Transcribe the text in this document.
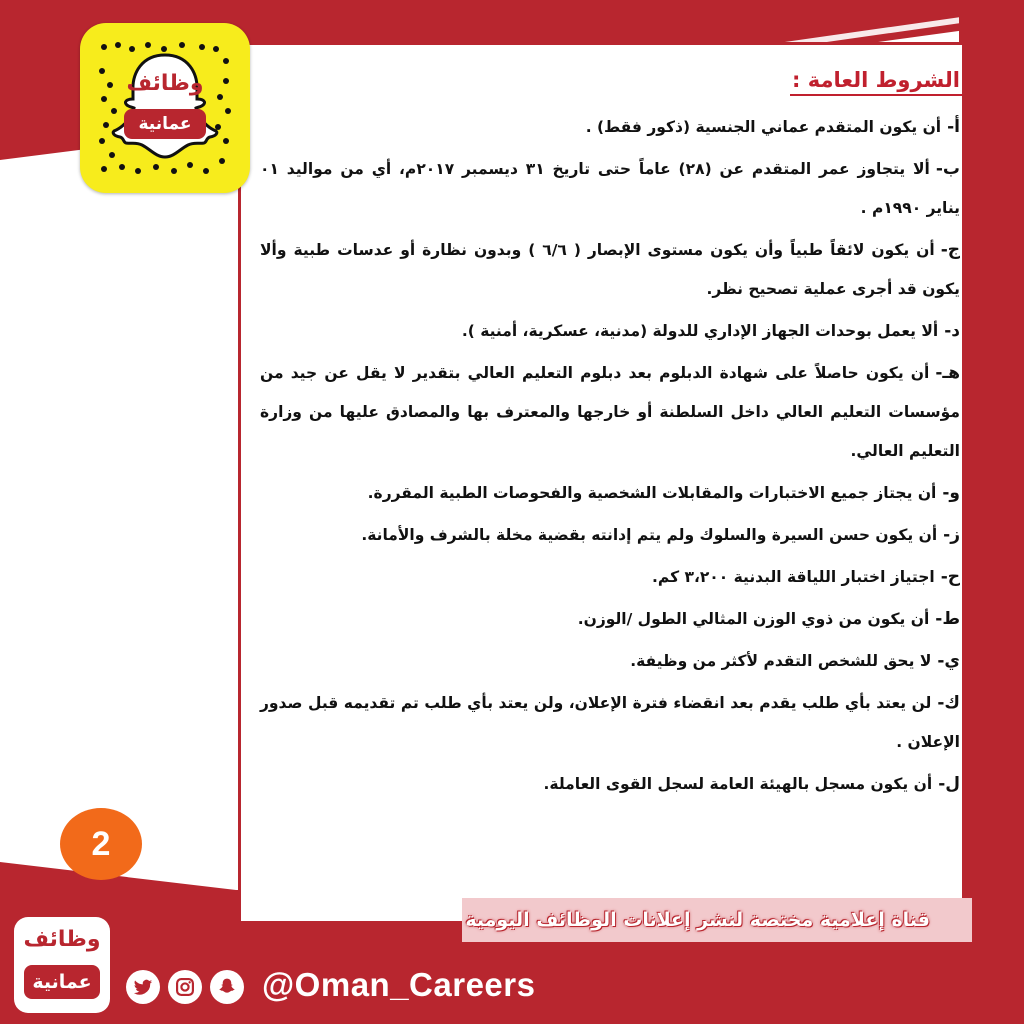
وظائف
عمانية
الشروط العامة :
أ-أن يكون المتقدم عماني الجنسية (ذكور فقط) .
ب-ألا يتجاوز عمر المتقدم عن (٢٨) عاماً حتى تاريخ ٣١ ديسمبر ٢٠١٧م، أي من مواليد ٠١ يناير ١٩٩٠م .
ج-أن يكون لائقاً طبياً وأن يكون مستوى الإبصار ( ٦/٦ ) وبدون نظارة أو عدسات طبية وألا يكون قد أجرى عملية تصحيح نظر.
د-ألا يعمل بوحدات الجهاز الإداري للدولة (مدنية، عسكرية، أمنية ).
هـ-أن يكون حاصلاً على شهادة الدبلوم بعد دبلوم التعليم العالي بتقدير لا يقل عن جيد من مؤسسات التعليم العالي داخل السلطنة أو خارجها والمعترف بها والمصادق عليها من وزارة التعليم العالي.
و-أن يجتاز جميع الاختبارات والمقابلات الشخصية والفحوصات الطبية المقررة.
ز-أن يكون حسن السيرة والسلوك ولم يتم إدانته بقضية مخلة بالشرف والأمانة.
ح-اجتياز اختبار اللياقة البدنية ٣،٢٠٠ كم.
ط-أن يكون من ذوي الوزن المثالي الطول /الوزن.
ي-لا يحق للشخص التقدم لأكثر من وظيفة.
ك-لن يعتد بأي طلب يقدم بعد انقضاء فترة الإعلان، ولن يعتد بأي طلب تم تقديمه قبل صدور الإعلان .
ل-أن يكون مسجل بالهيئة العامة لسجل القوى العاملة.
2
قناة إعلامية مختصة لنشر إعلانات الوظائف اليومية
وظائف
عمانية	@Oman_Careers
